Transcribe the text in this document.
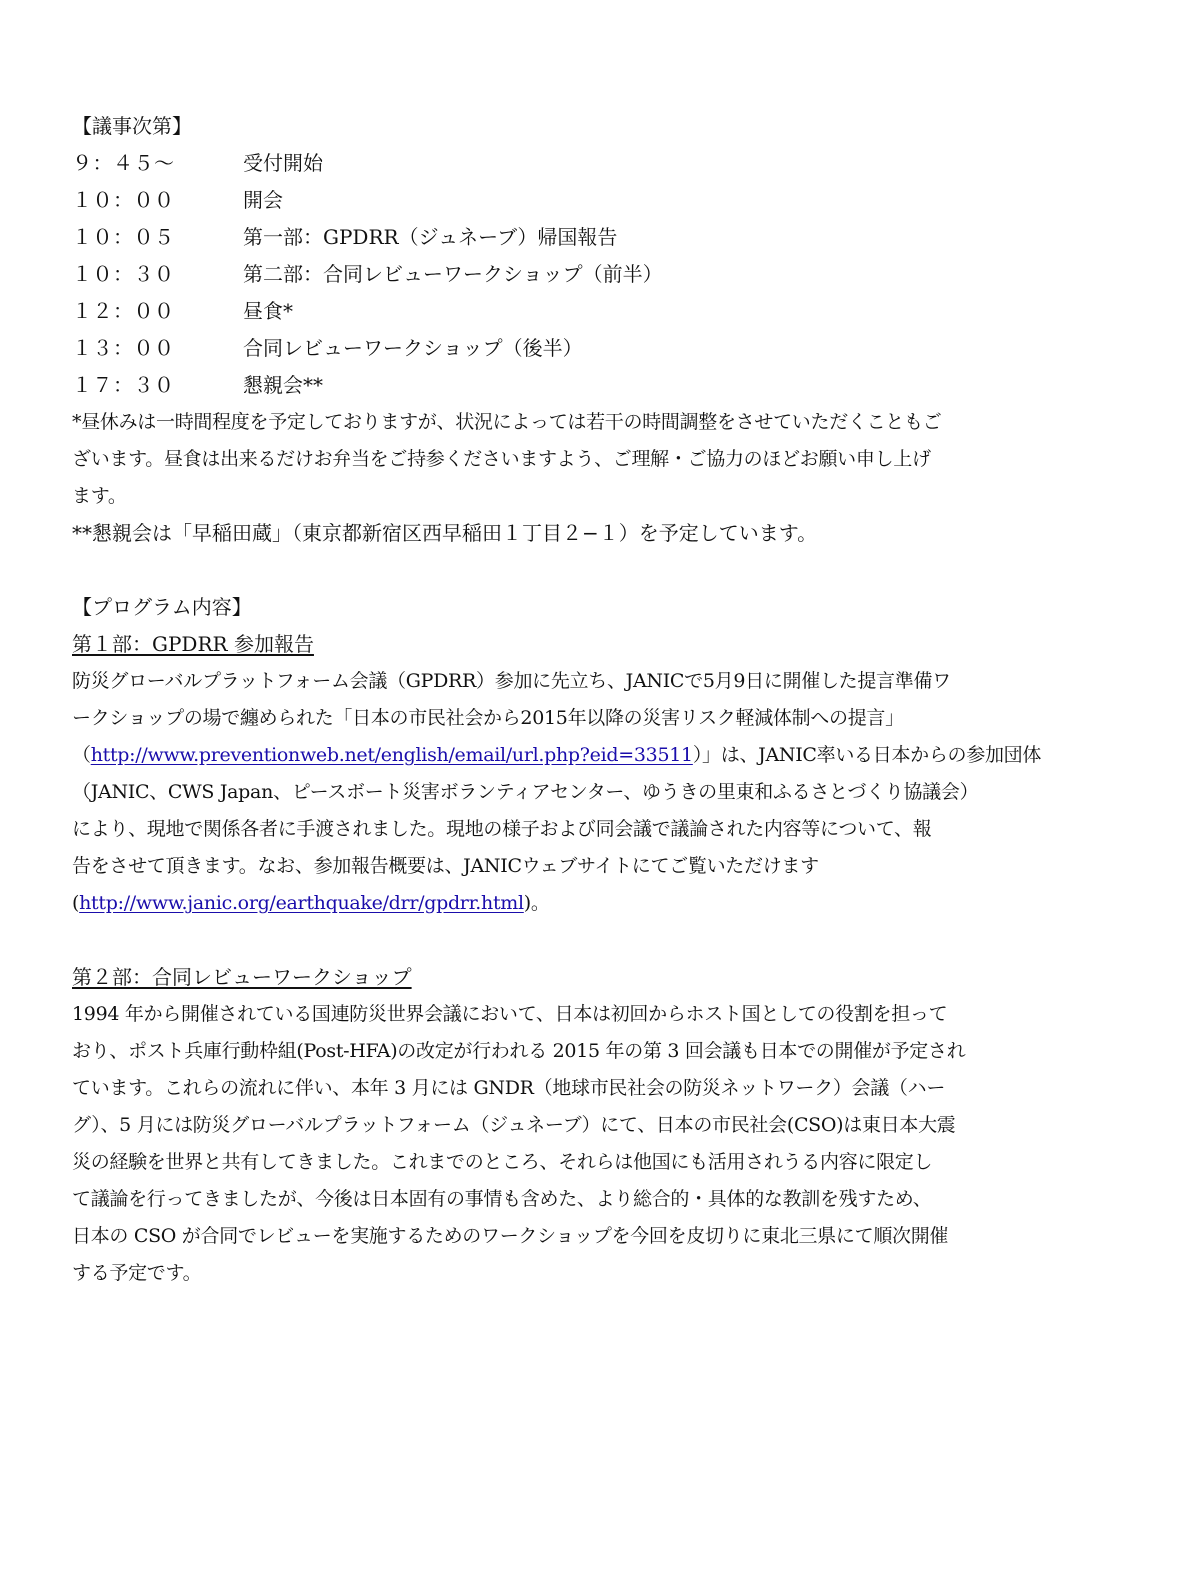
【議事次第】
９：４５～	受付開始
１０：００	開会
１０：０５	第一部：GPDRR（ジュネーブ）帰国報告
１０：３０	第二部：合同レビューワークショップ（前半）
１２：００	昼食*
１３：００	合同レビューワークショップ（後半）
１７：３０	懇親会**
*昼休みは一時間程度を予定しておりますが、状況によっては若干の時間調整をさせていただくこともご
ざいます。昼食は出来るだけお弁当をご持参くださいますよう、ご理解・ご協力のほどお願い申し上げ
ます。
**懇親会は「早稲田蔵」（東京都新宿区西早稲田１丁目２−１）を予定しています。
【プログラム内容】
第１部：GPDRR 参加報告
防災グローバルプラットフォーム会議（GPDRR）参加に先立ち、JANICで5月9日に開催した提言準備ワ
ークショップの場で纏められた「日本の市民社会から2015年以降の災害リスク軽減体制への提言」
（http://www.preventionweb.net/english/email/url.php?eid=33511）」は、JANIC率いる日本からの参加団体
（JANIC、CWS Japan、ピースボート災害ボランティアセンター、ゆうきの里東和ふるさとづくり協議会）
により、現地で関係各者に手渡されました。現地の様子および同会議で議論された内容等について、報
告をさせて頂きます。なお、参加報告概要は、JANICウェブサイトにてご覧いただけます
(http://www.janic.org/earthquake/drr/gpdrr.html)。
第２部：合同レビューワークショップ
1994 年から開催されている国連防災世界会議において、日本は初回からホスト国としての役割を担って
おり、ポスト兵庫行動枠組(Post-HFA)の改定が行われる 2015 年の第 3 回会議も日本での開催が予定され
ています。これらの流れに伴い、本年 3 月には GNDR（地球市民社会の防災ネットワーク）会議（ハー
グ）、5 月には防災グローバルプラットフォーム（ジュネーブ）にて、日本の市民社会(CSO)は東日本大震
災の経験を世界と共有してきました。これまでのところ、それらは他国にも活用されうる内容に限定し
て議論を行ってきましたが、今後は日本固有の事情も含めた、より総合的・具体的な教訓を残すため、
日本の CSO が合同でレビューを実施するためのワークショップを今回を皮切りに東北三県にて順次開催
する予定です。
